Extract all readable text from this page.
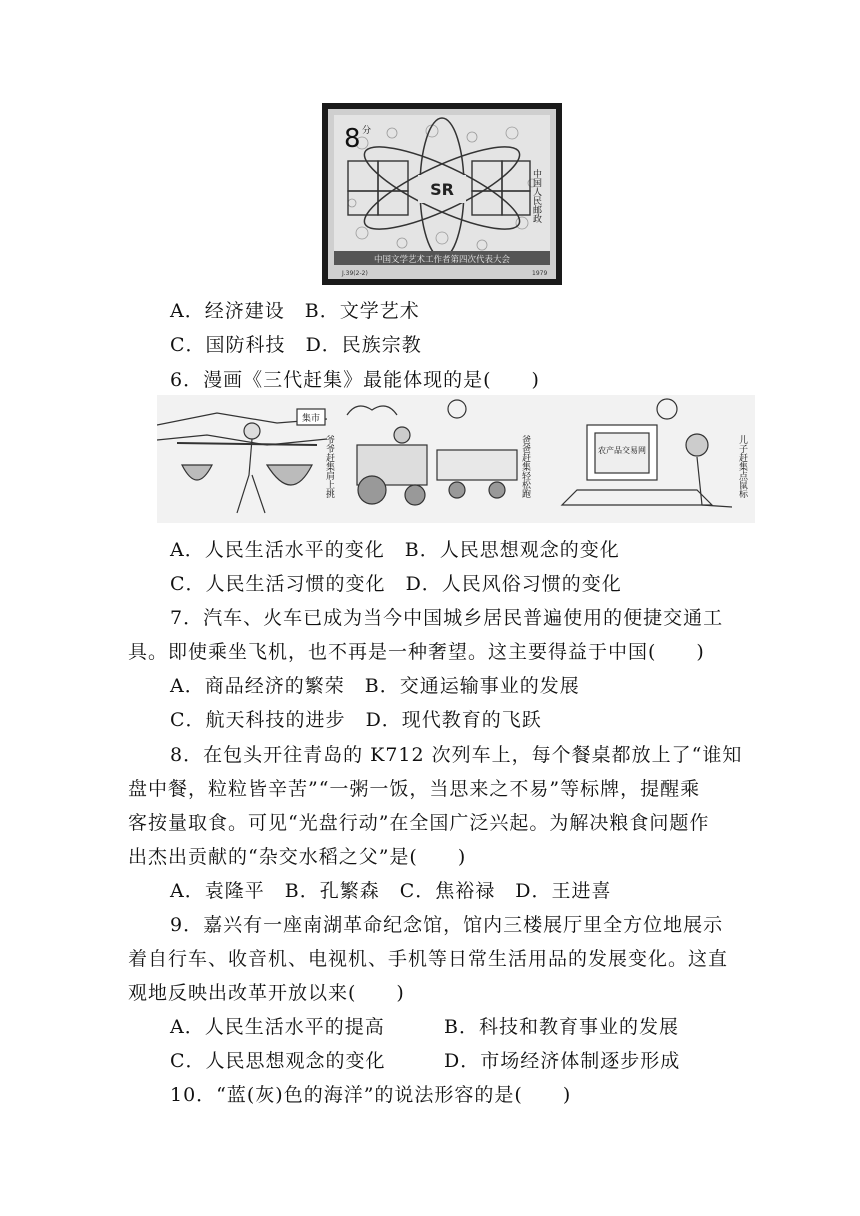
SR
8 分
中国人民邮政
中国文学艺术工作者第四次代表大会
J.39(2-2)	1979
A．经济建设　 B．文学艺术
C．国防科技　 D．民族宗教
6．漫画《三代赶集》最能体现的是(　　)
集市
爷爷赶集肩上挑	爸爸赶集轻松跑	农产品交易网	儿子赶集点鼠标
A．人民生活水平的变化　 B．人民思想观念的变化
C．人民生活习惯的变化　 D．人民风俗习惯的变化
7．汽车、火车已成为当今中国城乡居民普遍使用的便捷交通工
具。即使乘坐飞机，也不再是一种奢望。这主要得益于中国(　　)
A．商品经济的繁荣　 B．交通运输事业的发展
C．航天科技的进步　 D．现代教育的飞跃
8．在包头开往青岛的 K712 次列车上，每个餐桌都放上了“谁知
盘中餐，粒粒皆辛苦”“一粥一饭，当思来之不易”等标牌，提醒乘
客按量取食。可见“光盘行动”在全国广泛兴起。为解决粮食问题作
出杰出贡献的“杂交水稻之父”是(　　)
A．袁隆平　 B．孔繁森　 C．焦裕禄　 D．王进喜
9．嘉兴有一座南湖革命纪念馆，馆内三楼展厅里全方位地展示
着自行车、收音机、电视机、手机等日常生活用品的发展变化。这直
观地反映出改革开放以来(　　)
A．人民生活水平的提高	B．科技和教育事业的发展
C．人民思想观念的变化	D．市场经济体制逐步形成
10．“蓝(灰)色的海洋”的说法形容的是(　　)
